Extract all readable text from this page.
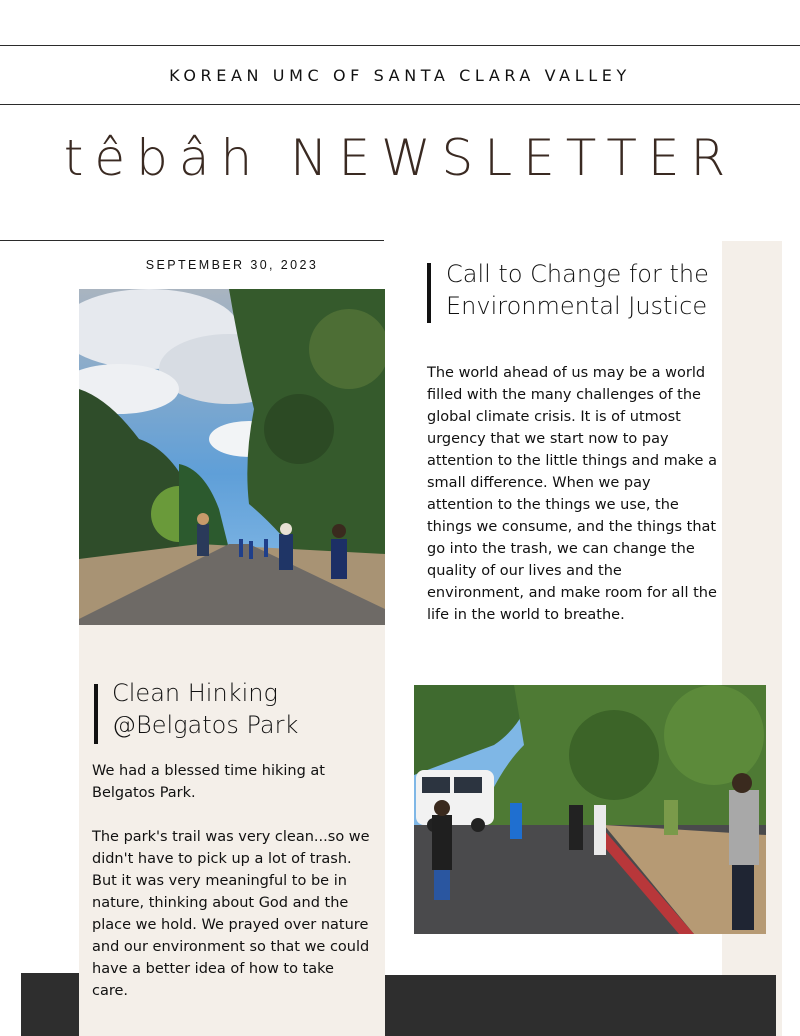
KOREAN UMC OF SANTA CLARA VALLEY
têbâh NEWSLETTER
SEPTEMBER 30, 2023	Call to Change for the Environmental Justice
The world ahead of us may be a world filled with the many challenges of the global climate crisis. It is of utmost urgency that we start now to pay attention to the little things and make a small difference. When we pay attention to the things we use, the things we consume, and the things that go into the trash, we can change the quality of our lives and the environment, and make room for all the life in the world to breathe.
Clean Hinking @Belgatos Park
We had a blessed time hiking at Belgatos Park.

The park's trail was very clean...so we didn't have to pick up a lot of trash. But it was very meaningful to be in nature, thinking about God and the place we hold. We prayed over nature and our environment so that we could have a better idea of how to take care.
